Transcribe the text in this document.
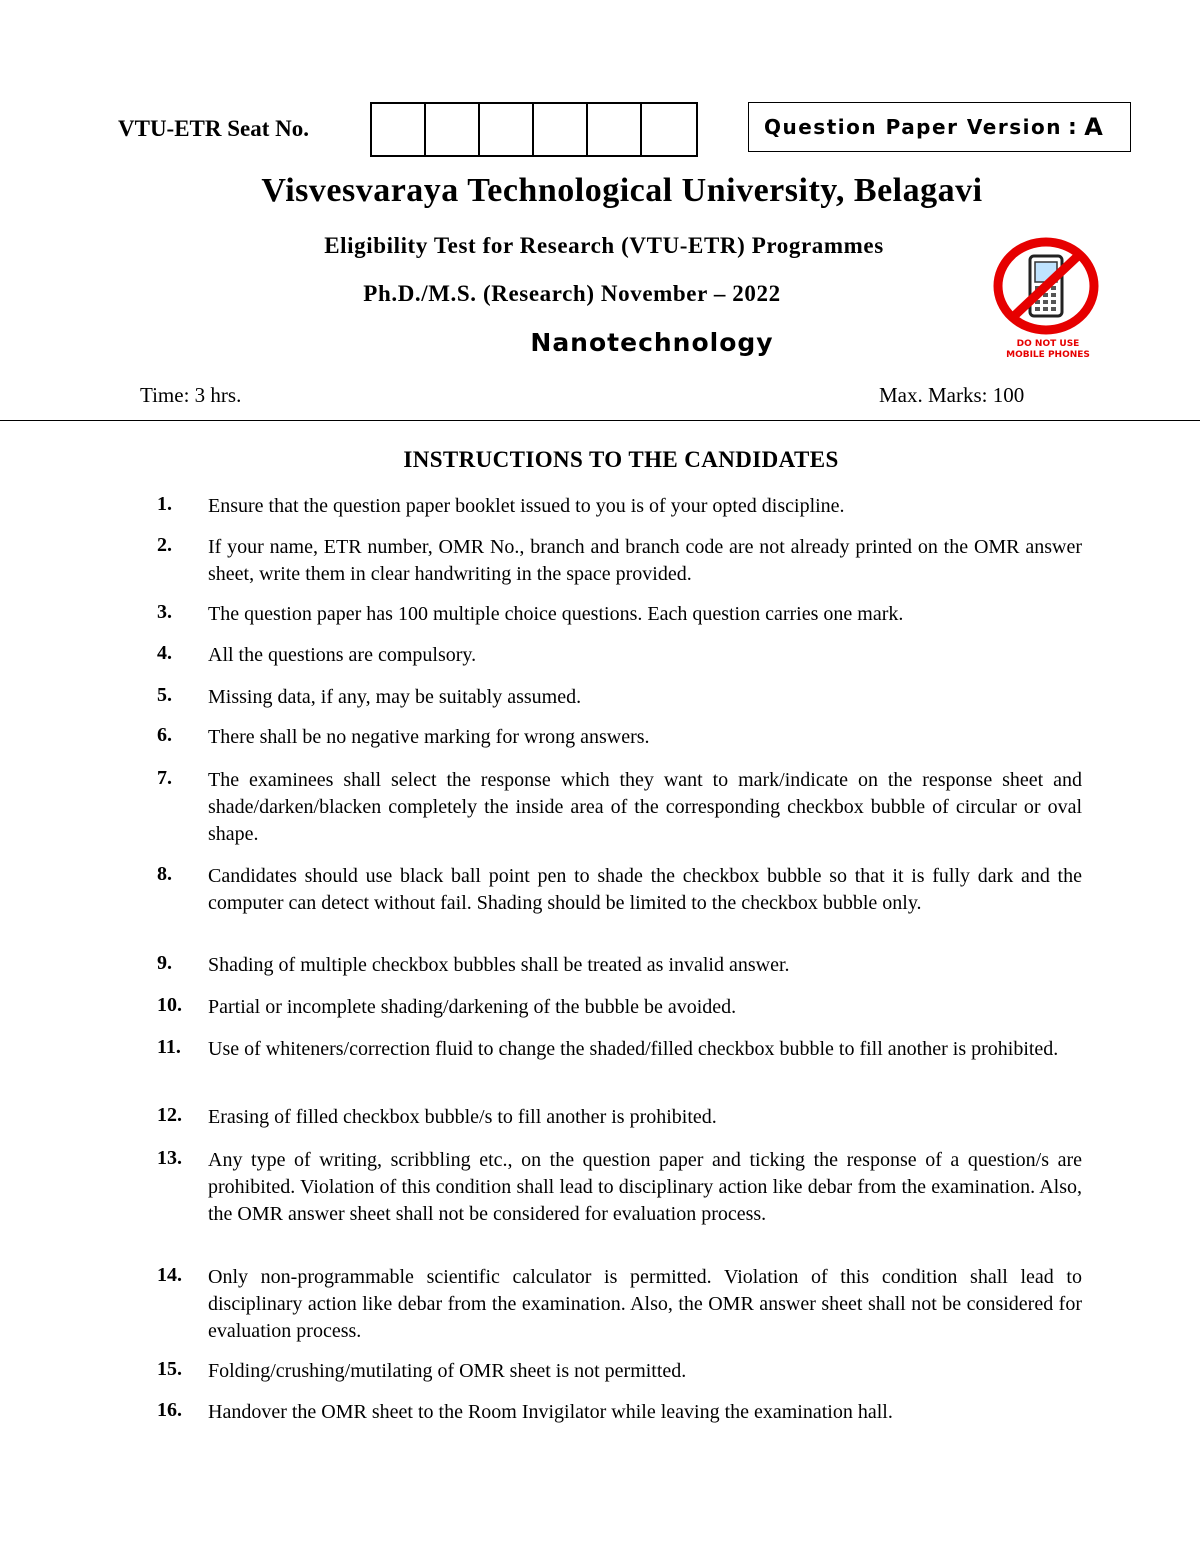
VTU-ETR Seat No.	Question Paper Version : A
Visvesvaraya Technological University, Belagavi
Eligibility Test for Research (VTU-ETR) Programmes
Ph.D./M.S. (Research) November – 2022
Nanotechnology	DO NOT USE
MOBILE PHONES
Time: 3 hrs.	Max. Marks: 100
INSTRUCTIONS TO THE CANDIDATES
1. Ensure that the question paper booklet issued to you is of your opted discipline.
2. If your name, ETR number, OMR No., branch and branch code are not already printed on the OMR answer sheet, write them in clear handwriting in the space provided.
3. The question paper has 100 multiple choice questions. Each question carries one mark.
4. All the questions are compulsory.
5. Missing data, if any, may be suitably assumed.
6. There shall be no negative marking for wrong answers.
7. The examinees shall select the response which they want to mark/indicate on the response sheet and shade/darken/blacken completely the inside area of the corresponding checkbox bubble of circular or oval shape.
8. Candidates should use black ball point pen to shade the checkbox bubble so that it is fully dark and the computer can detect without fail. Shading should be limited to the checkbox bubble only.
9. Shading of multiple checkbox bubbles shall be treated as invalid answer.
10. Partial or incomplete shading/darkening of the bubble be avoided.
11. Use of whiteners/correction fluid to change the shaded/filled checkbox bubble to fill another is prohibited.
12. Erasing of filled checkbox bubble/s to fill another is prohibited.
13. Any type of writing, scribbling etc., on the question paper and ticking the response of a question/s are prohibited. Violation of this condition shall lead to disciplinary action like debar from the examination. Also, the OMR answer sheet shall not be considered for evaluation process.
14. Only non-programmable scientific calculator is permitted. Violation of this condition shall lead to disciplinary action like debar from the examination. Also, the OMR answer sheet shall not be considered for evaluation process.
15. Folding/crushing/mutilating of OMR sheet is not permitted.
16. Handover the OMR sheet to the Room Invigilator while leaving the examination hall.
